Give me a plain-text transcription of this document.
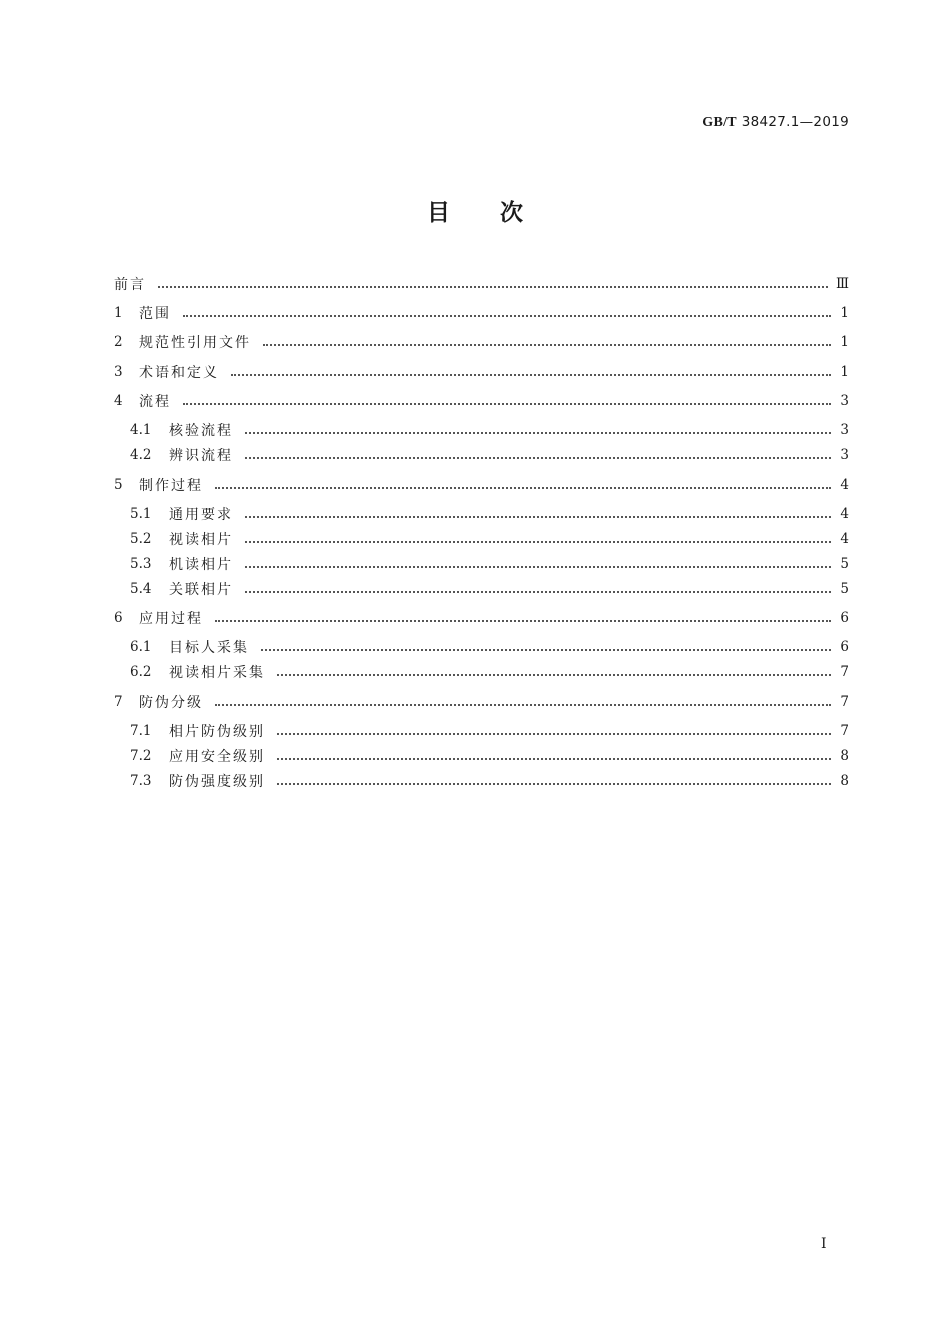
GB/T 38427.1—2019
目次
前言	Ⅲ
1	范围	1
2	规范性引用文件	1
3	术语和定义	1
4	流程	3
4.1	核验流程	3
4.2	辨识流程	3
5	制作过程	4
5.1	通用要求	4
5.2	视读相片	4
5.3	机读相片	5
5.4	关联相片	5
6	应用过程	6
6.1	目标人采集	6
6.2	视读相片采集	7
7	防伪分级	7
7.1	相片防伪级别	7
7.2	应用安全级别	8
7.3	防伪强度级别	8
I
